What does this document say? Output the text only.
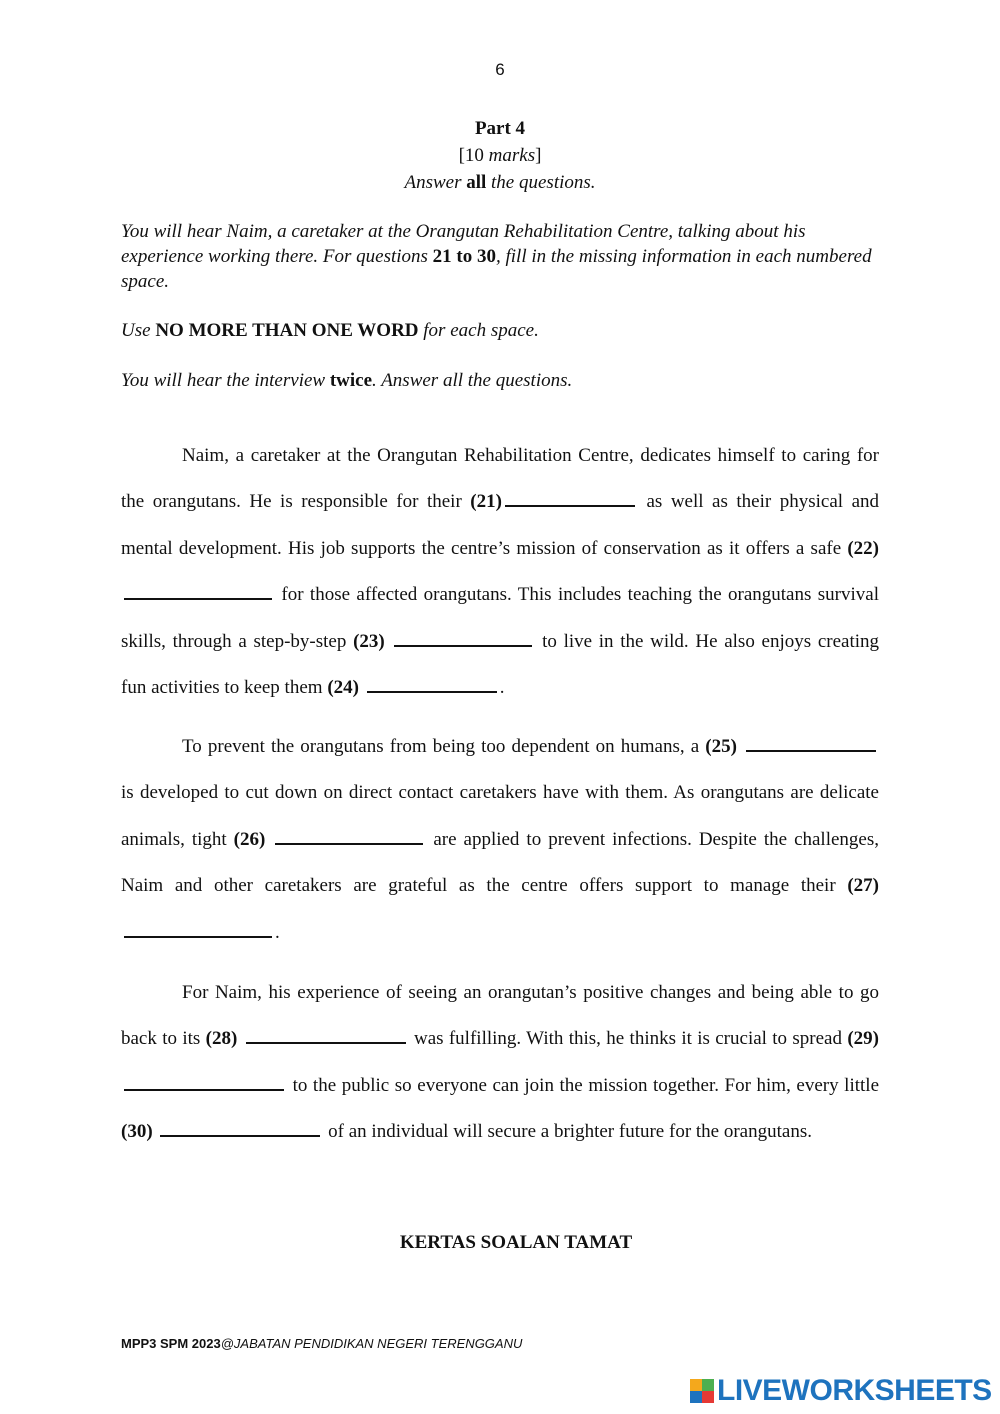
6
Part 4
[10 marks]
Answer all the questions.
You will hear Naim, a caretaker at the Orangutan Rehabilitation Centre, talking about his experience working there. For questions 21 to 30, fill in the missing information in each numbered space.
Use NO MORE THAN ONE WORD for each space.
You will hear the interview twice. Answer all the questions.

Naim, a caretaker at the Orangutan Rehabilitation Centre, dedicates himself to caring for the orangutans. He is responsible for their (21)	as well as their physical and mental development. His job supports the centre’s mission of conservation as it offers a safe (22)  for those affected orangutans. This includes teaching the orangutans survival skills, through a step-by-step (23)	to live in the wild. He also enjoys creating fun activities to keep them (24)	.

To prevent the orangutans from being too dependent on humans, a (25)  is developed to cut down on direct contact caretakers have with them. As orangutans are delicate animals, tight (26)	are applied to prevent infections. Despite the challenges, Naim and other caretakers are grateful as the centre offers support to manage their (27).

For Naim, his experience of seeing an orangutan’s positive changes and being able to go back to its (28)	was fulfilling. With this, he thinks it is crucial to spread (29)  to the public so everyone can join the mission together. For him, every little (30)	of an individual will secure a brighter future for the orangutans.

KERTAS SOALAN TAMAT
MPP3 SPM 2023@JABATAN PENDIDIKAN NEGERI TERENGGANU
LIVEWORKSHEETS
